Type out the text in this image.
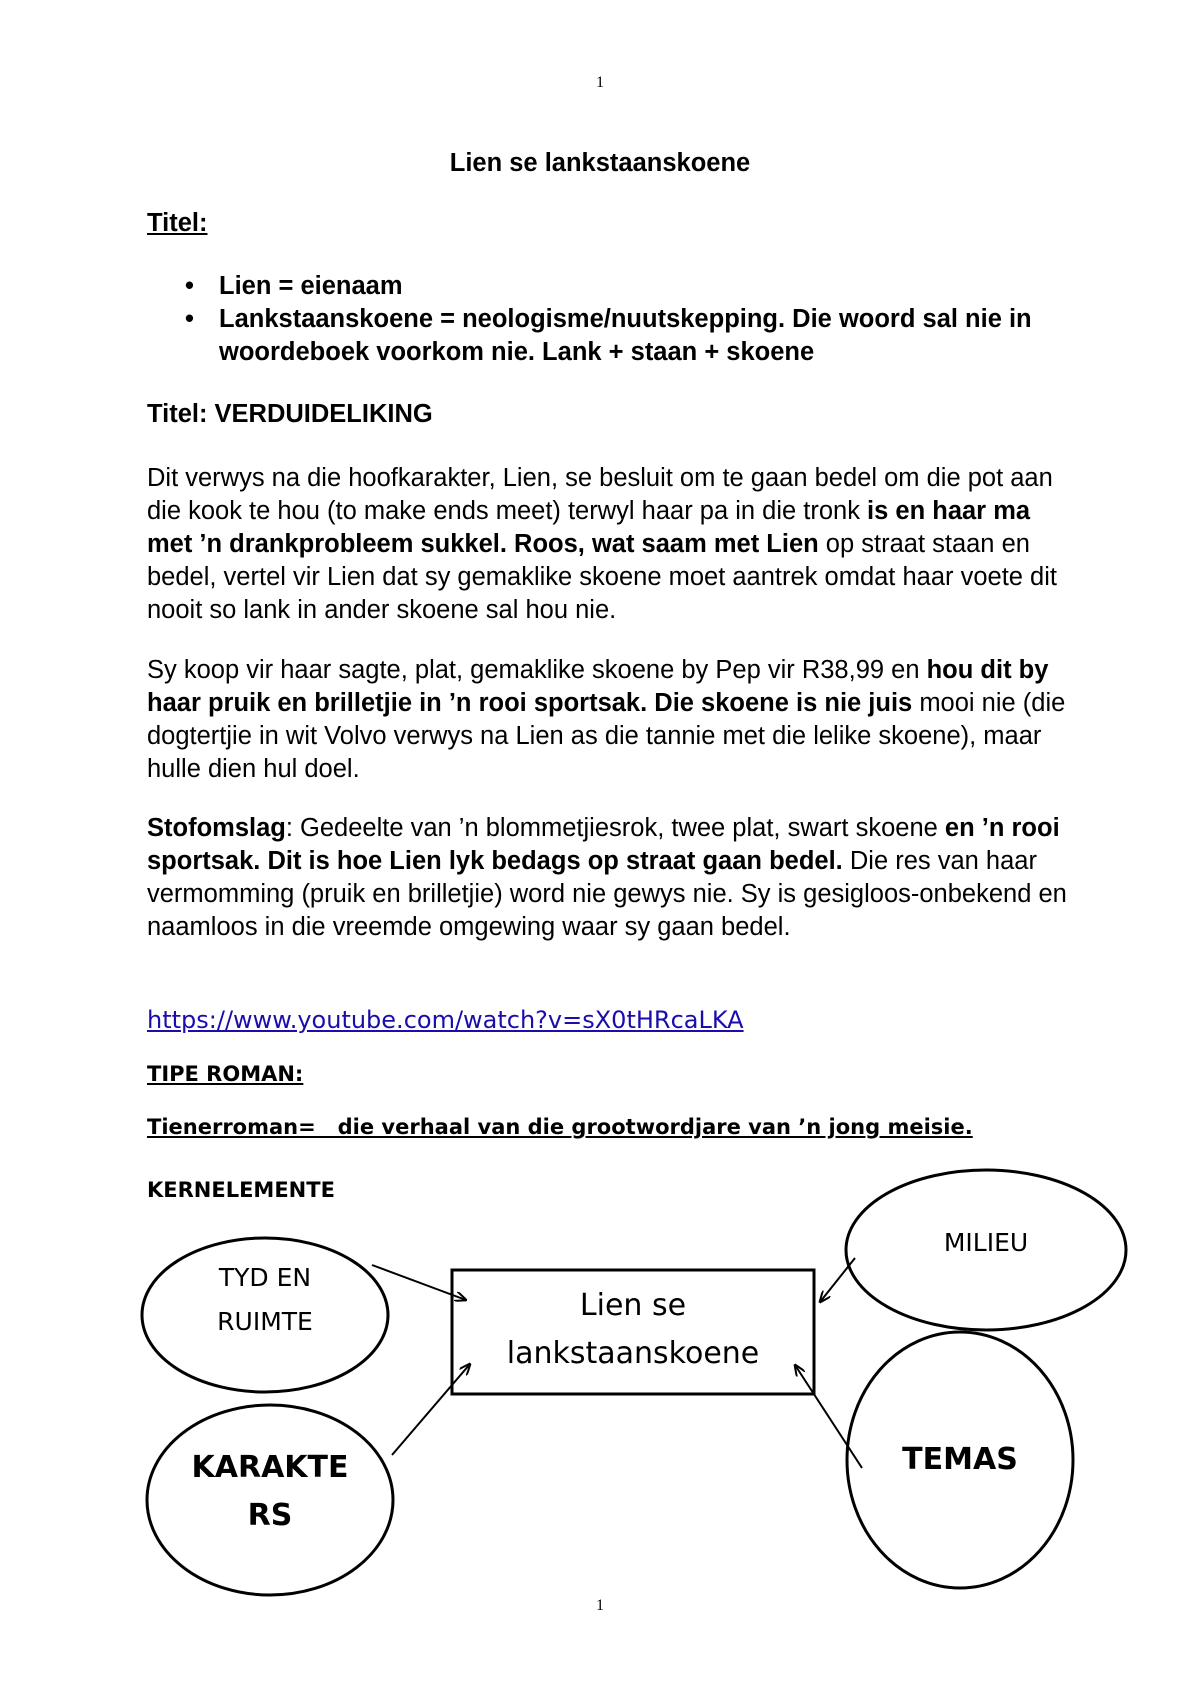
1
Lien se lankstaanskoene
Titel:
• Lien = eienaam
• Lankstaanskoene = neologisme/nuutskepping. Die woord sal nie in woordeboek voorkom nie. Lank + staan + skoene
Titel: VERDUIDELIKING

Dit verwys na die hoofkarakter, Lien, se besluit om te gaan bedel om die pot aan die kook te hou (to make ends meet) terwyl haar pa in die tronk is en haar ma met ’n drankprobleem sukkel. Roos, wat saam met Lien op straat staan en bedel, vertel vir Lien dat sy gemaklike skoene moet aantrek omdat haar voete dit nooit so lank in ander skoene sal hou nie.

Sy koop vir haar sagte, plat, gemaklike skoene by Pep vir R38,99 en hou dit by haar pruik en brilletjie in ’n rooi sportsak. Die skoene is nie juis mooi nie (die dogtertjie in wit Volvo verwys na Lien as die tannie met die lelike skoene), maar hulle dien hul doel.

Stofomslag: Gedeelte van ’n blommetjiesrok, twee plat, swart skoene en ’n rooi sportsak. Dit is hoe Lien lyk bedags op straat gaan bedel. Die res van haar vermomming (pruik en brilletjie) word nie gewys nie. Sy is gesigloos-onbekend en naamloos in die vreemde omgewing waar sy gaan bedel.

https://www.youtube.com/watch?v=sX0tHRcaLKA
TIPE ROMAN:
Tienerroman=   die verhaal van die grootwordjare van ’n jong meisie.
KERNELEMENTE
Lien se
lankstaanskoene
TYD EN
RUIMTE
MILIEU
KARAKTE
RS
TEMAS
1
